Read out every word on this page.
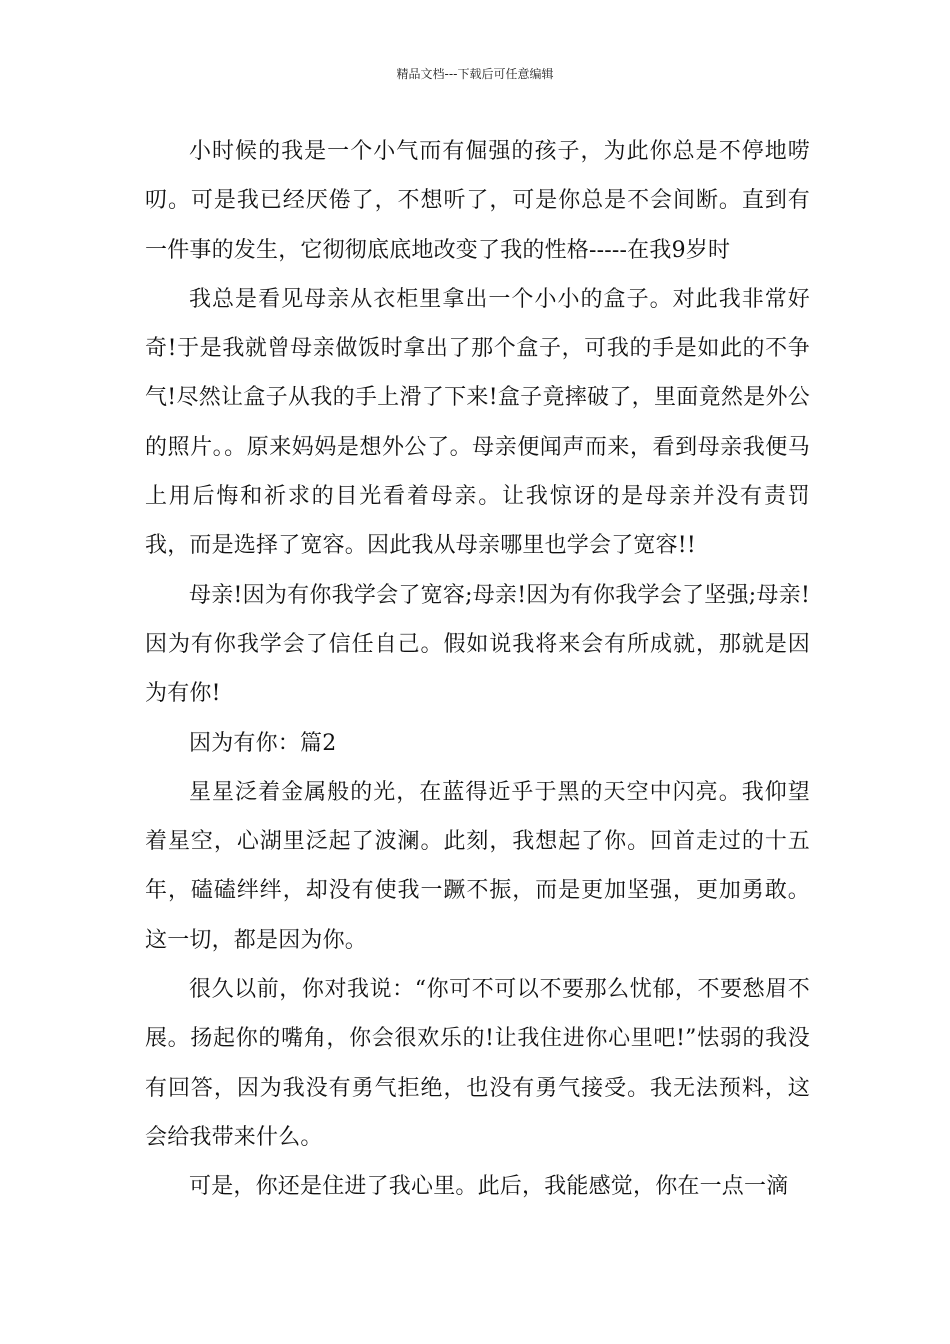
精品文档---下载后可任意编辑

小时候的我是一个小气而有倔强的孩子，为此你总是不停地唠叨。可是我已经厌倦了，不想听了，可是你总是不会间断。直到有一件事的发生，它彻彻底底地改变了我的性格-----在我9岁时

我总是看见母亲从衣柜里拿出一个小小的盒子。对此我非常好奇!于是我就曾母亲做饭时拿出了那个盒子，可我的手是如此的不争气!尽然让盒子从我的手上滑了下来!盒子竟摔破了，里面竟然是外公的照片。。原来妈妈是想外公了。母亲便闻声而来，看到母亲我便马上用后悔和祈求的目光看着母亲。让我惊讶的是母亲并没有责罚我，而是选择了宽容。因此我从母亲哪里也学会了宽容!!

母亲!因为有你我学会了宽容;母亲!因为有你我学会了坚强;母亲!因为有你我学会了信任自己。假如说我将来会有所成就，那就是因为有你!

因为有你：篇2

星星泛着金属般的光，在蓝得近乎于黑的天空中闪亮。我仰望着星空，心湖里泛起了波澜。此刻，我想起了你。回首走过的十五年，磕磕绊绊，却没有使我一蹶不振，而是更加坚强，更加勇敢。这一切，都是因为你。

很久以前，你对我说：“你可不可以不要那么忧郁，不要愁眉不展。扬起你的嘴角，你会很欢乐的!让我住进你心里吧!”怯弱的我没有回答，因为我没有勇气拒绝，也没有勇气接受。我无法预料，这会给我带来什么。

可是，你还是住进了我心里。此后，我能感觉，你在一点一滴
